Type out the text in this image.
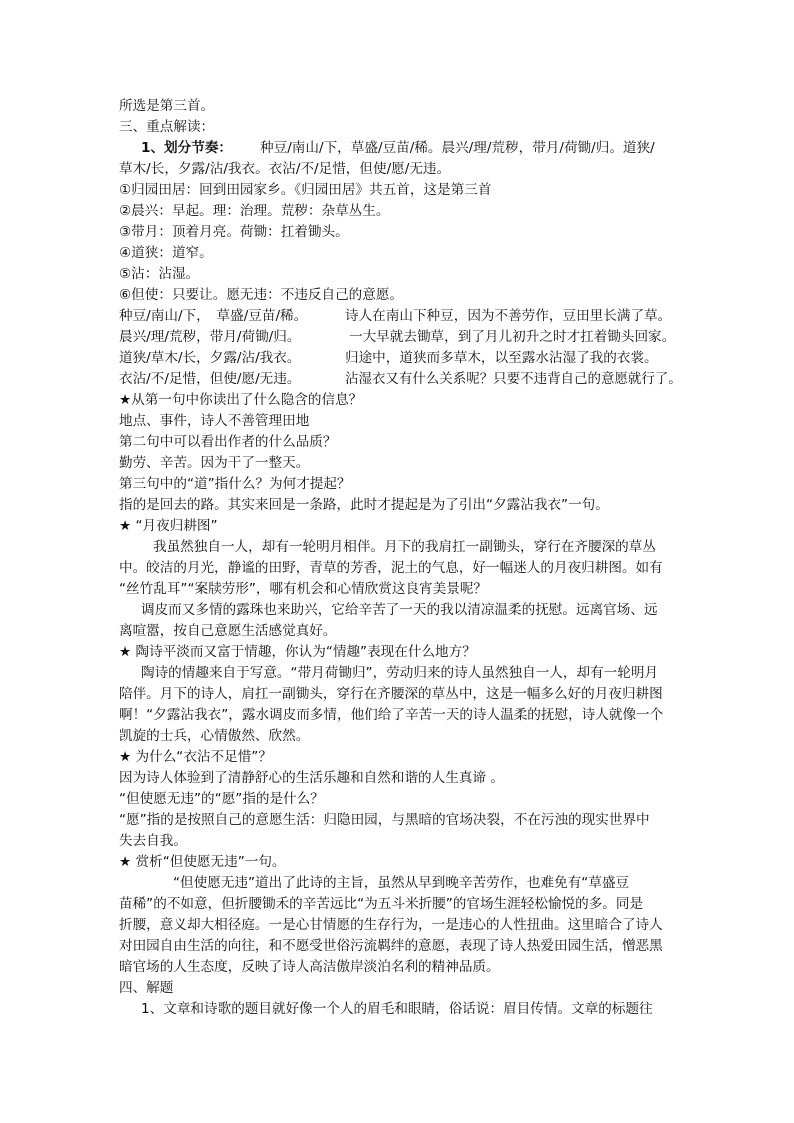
所选是第三首。
三、重点解读：
1、划分节奏： 种豆/南山/下，草盛/豆苗/稀。晨兴/理/荒秽，带月/荷锄/归。道狭/
草木/长，夕露/沾/我衣。衣沾/不/足惜，但使/愿/无违。
①归园田居：回到田园家乡。《归园田居》共五首，这是第三首
②晨兴：早起。理：治理。荒秽：杂草丛生。
③带月：顶着月亮。荷锄：扛着锄头。
④道狭：道窄。
⑤沾：沾湿。
⑥但使：只要让。愿无违：不违反自己的意愿。
种豆/南山/下，　草盛/豆苗/稀。	诗人在南山下种豆，因为不善劳作，豆田里长满了草。
晨兴/理/荒秽，带月/荷锄/归。	一大早就去锄草，到了月儿初升之时才扛着锄头回家。
道狭/草木/长，夕露/沾/我衣。	归途中，道狭而多草木，以至露水沾湿了我的衣裳。
衣沾/不/足惜，但使/愿/无违。	沾湿衣又有什么关系呢？只要不违背自己的意愿就行了。
★从第一句中你读出了什么隐含的信息？
地点、事件，诗人不善管理田地
第二句中可以看出作者的什么品质？
勤劳、辛苦。因为干了一整天。
第三句中的“道”指什么？为何才提起？
指的是回去的路。其实来回是一条路，此时才提起是为了引出“夕露沾我衣”一句。
★ “月夜归耕图”
我虽然独自一人，却有一轮明月相伴。月下的我肩扛一副锄头，穿行在齐腰深的草丛
中。皎洁的月光，静谧的田野，青草的芳香，泥土的气息，好一幅迷人的月夜归耕图。如有
“丝竹乱耳”“案牍劳形”，哪有机会和心情欣赏这良宵美景呢？
调皮而又多情的露珠也来助兴，它给辛苦了一天的我以清凉温柔的抚慰。远离官场、远
离喧嚣，按自己意愿生活感觉真好。
★ 陶诗平淡而又富于情趣，你认为“情趣”表现在什么地方？
陶诗的情趣来自于写意。“带月荷锄归”，劳动归来的诗人虽然独自一人，却有一轮明月
陪伴。月下的诗人，肩扛一副锄头，穿行在齐腰深的草丛中，这是一幅多么好的月夜归耕图
啊！“夕露沾我衣”，露水调皮而多情，他们给了辛苦一天的诗人温柔的抚慰，诗人就像一个
凯旋的士兵，心情傲然、欣然。
★ 为什么“衣沾不足惜”？
因为诗人体验到了清静舒心的生活乐趣和自然和谐的人生真谛 。
“但使愿无违”的“愿”指的是什么？
“愿”指的是按照自己的意愿生活：归隐田园，与黑暗的官场决裂，不在污浊的现实世界中
失去自我。
★ 赏析“但使愿无违”一句。
“但使愿无违”道出了此诗的主旨，虽然从早到晚辛苦劳作，也难免有“草盛豆
苗稀”的不如意，但折腰锄禾的辛苦远比“为五斗米折腰”的官场生涯轻松愉悦的多。同是
折腰，意义却大相径庭。一是心甘情愿的生存行为，一是违心的人性扭曲。这里暗合了诗人
对田园自由生活的向往，和不愿受世俗污流羁绊的意愿，表现了诗人热爱田园生活，憎恶黑
暗官场的人生态度，反映了诗人高洁傲岸淡泊名利的精神品质。
四、解题
1、文章和诗歌的题目就好像一个人的眉毛和眼睛，俗话说：眉目传情。文章的标题往
